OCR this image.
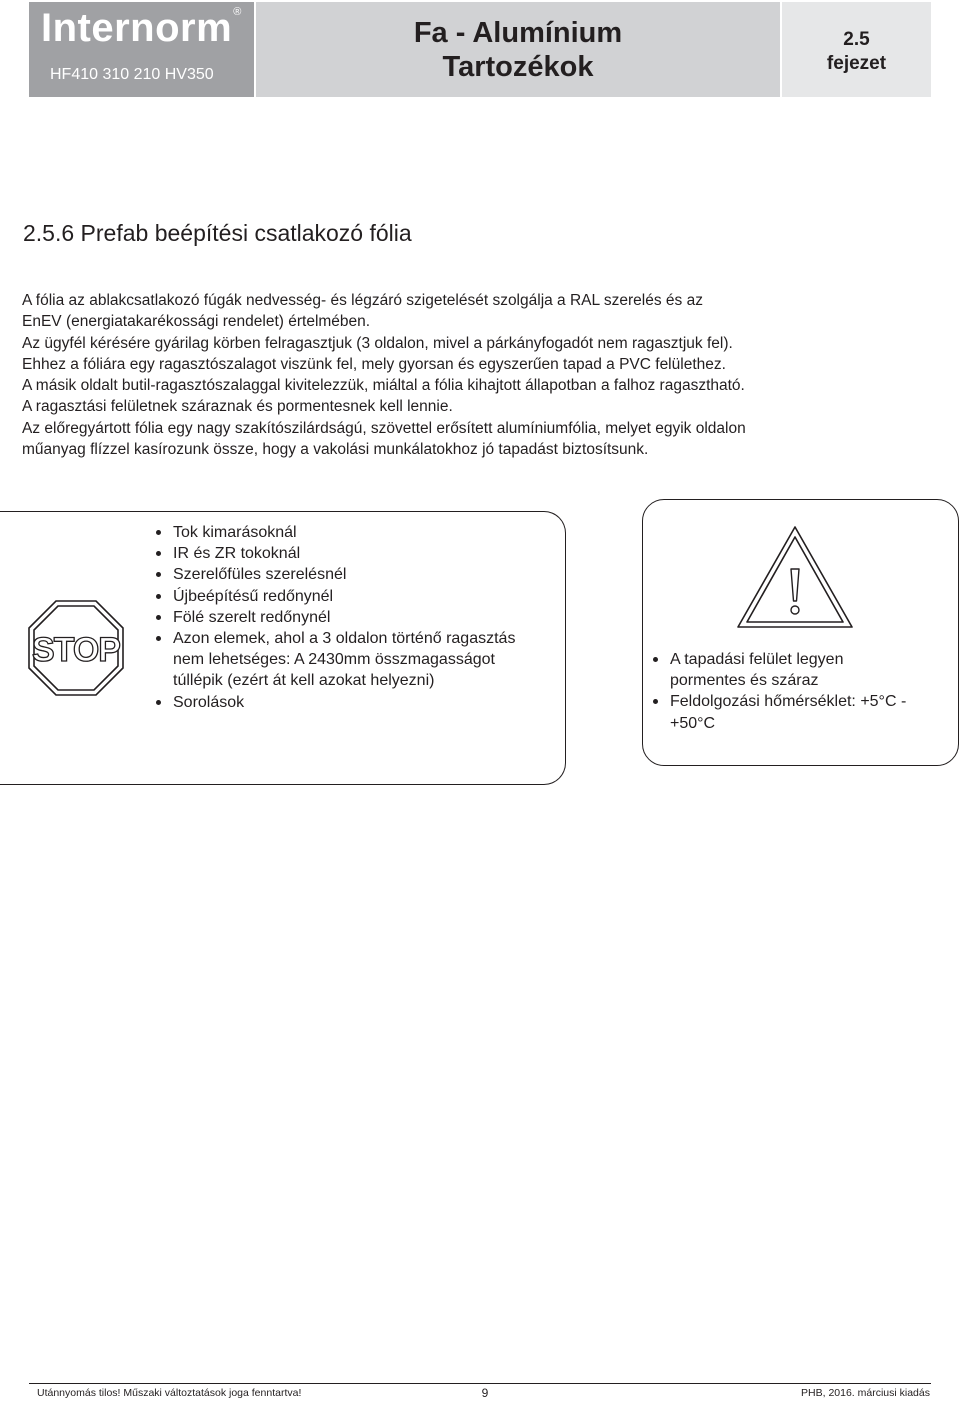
Internorm®
HF410 310 210 HV350
Fa - Alumínium
Tartozékok
2.5
fejezet
2.5.6 Prefab beépítési csatlakozó fólia

A fólia az ablakcsatlakozó fúgák nedvesség- és légzáró szigetelését szolgálja a RAL szerelés és az

EnEV (energiatakarékossági rendelet) értelmében.

Az ügyfél kérésére gyárilag körben felragasztjuk (3 oldalon, mivel a párkányfogadót nem ragasztjuk fel).

Ehhez a fóliára egy ragasztószalagot viszünk fel, mely gyorsan és egyszerűen tapad a PVC felülethez.

A másik oldalt butil-ragasztószalaggal kivitelezzük, miáltal a fólia kihajtott állapotban a falhoz ragasztható.

A ragasztási felületnek száraznak és pormentesnek kell lennie.

Az előregyártott fólia egy nagy szakítószilárdságú, szövettel erősített alumíniumfólia, melyet egyik oldalon

műanyag flízzel kasírozunk össze, hogy a vakolási munkálatokhoz jó tapadást biztosítsunk.

STOP
Tok kimarásoknál
IR és ZR tokoknál
Szerelőfüles szerelésnél
Újbeépítésű redőnynél
Fölé szerelt redőnynél
Azon elemek, ahol a 3 oldalon történő ragasztás
nem lehetséges: A 2430mm összmagasságot
túllépik (ezért át kell azokat helyezni)
Sorolások
A tapadási felület legyen
pormentes és száraz
Feldolgozási hőmérséklet: +5°C -
+50°C
Utánnyomás tilos! Műszaki változtatások joga fenntartva!	9	PHB, 2016. márciusi kiadás
